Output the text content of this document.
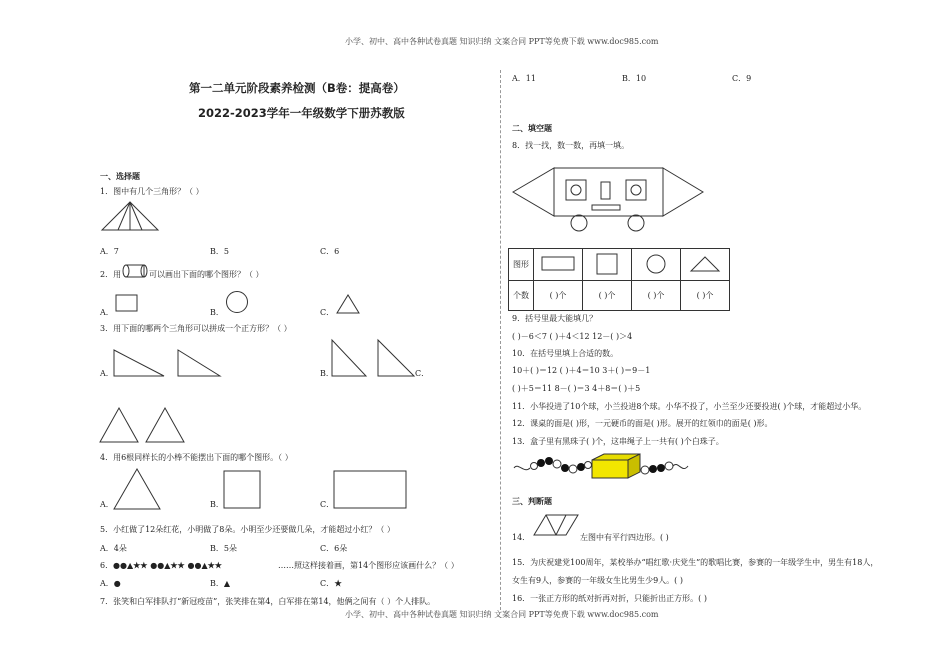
小学、初中、高中各种试卷真题 知识归纳 文案合同 PPT等免费下载 www.doc985.com
小学、初中、高中各种试卷真题 知识归纳 文案合同 PPT等免费下载 www.doc985.com
第一二单元阶段素养检测（B卷：提高卷）
2022-2023学年一年级数学下册苏教版
一、选择题
1．图中有几个三角形？（ ）
A．7	B．5	C．6
2．用	可以画出下面的哪个图形？（ ）
A．	B．	C．
3．用下面的哪两个三角形可以拼成一个正方形？（ ）
A．	B．	C．
4．用6根同样长的小棒不能摆出下面的哪个图形。（ ）
A．	B．	C．
5．小红做了12朵红花，小明做了8朵。小明至少还要做几朵，才能超过小红？（ ）
A．4朵	B．5朵	C．6朵
6． ●●▲★★ ●●▲★★ ●●▲★★	……照这样接着画，第14个图形应该画什么？（ ）
A．●	B．▲	C．★
7．张笑和白军排队打“新冠疫苗”，张笑排在第4，白军排在第14，他俩之间有（ ）个人排队。
A．11	B．10	C．9
二、填空题
8．找一找，数一数，再填一填。
图形				
个数	( )个	( )个	( )个	( )个
9．括号里最大能填几？
( )－6＜7 ( )＋4＜12 12－( )＞4
10．在括号里填上合适的数。
10＋( )＝12 ( )＋4＝10 3＋( )＝9－1
( )＋5＝11 8－( )＝3 4＋8＝( )＋5
11．小华投进了10个球，小兰投进8个球。小华不投了，小兰至少还要投进( )个球，才能超过小华。
12．课桌的面是( )形，一元硬币的面是( )形。展开的红领巾的面是( )形。
13．盒子里有黑珠子( )个，这串绳子上一共有( )个白珠子。
三、判断题
14．	左图中有平行四边形。( )
15．为庆祝建党100周年，某校举办“唱红歌·庆党生”的歌唱比赛，参赛的一年级学生中，男生有18人，
女生有9人，参赛的一年级女生比男生少9人。( )
16．一张正方形的纸对折再对折，只能折出正方形。( )
